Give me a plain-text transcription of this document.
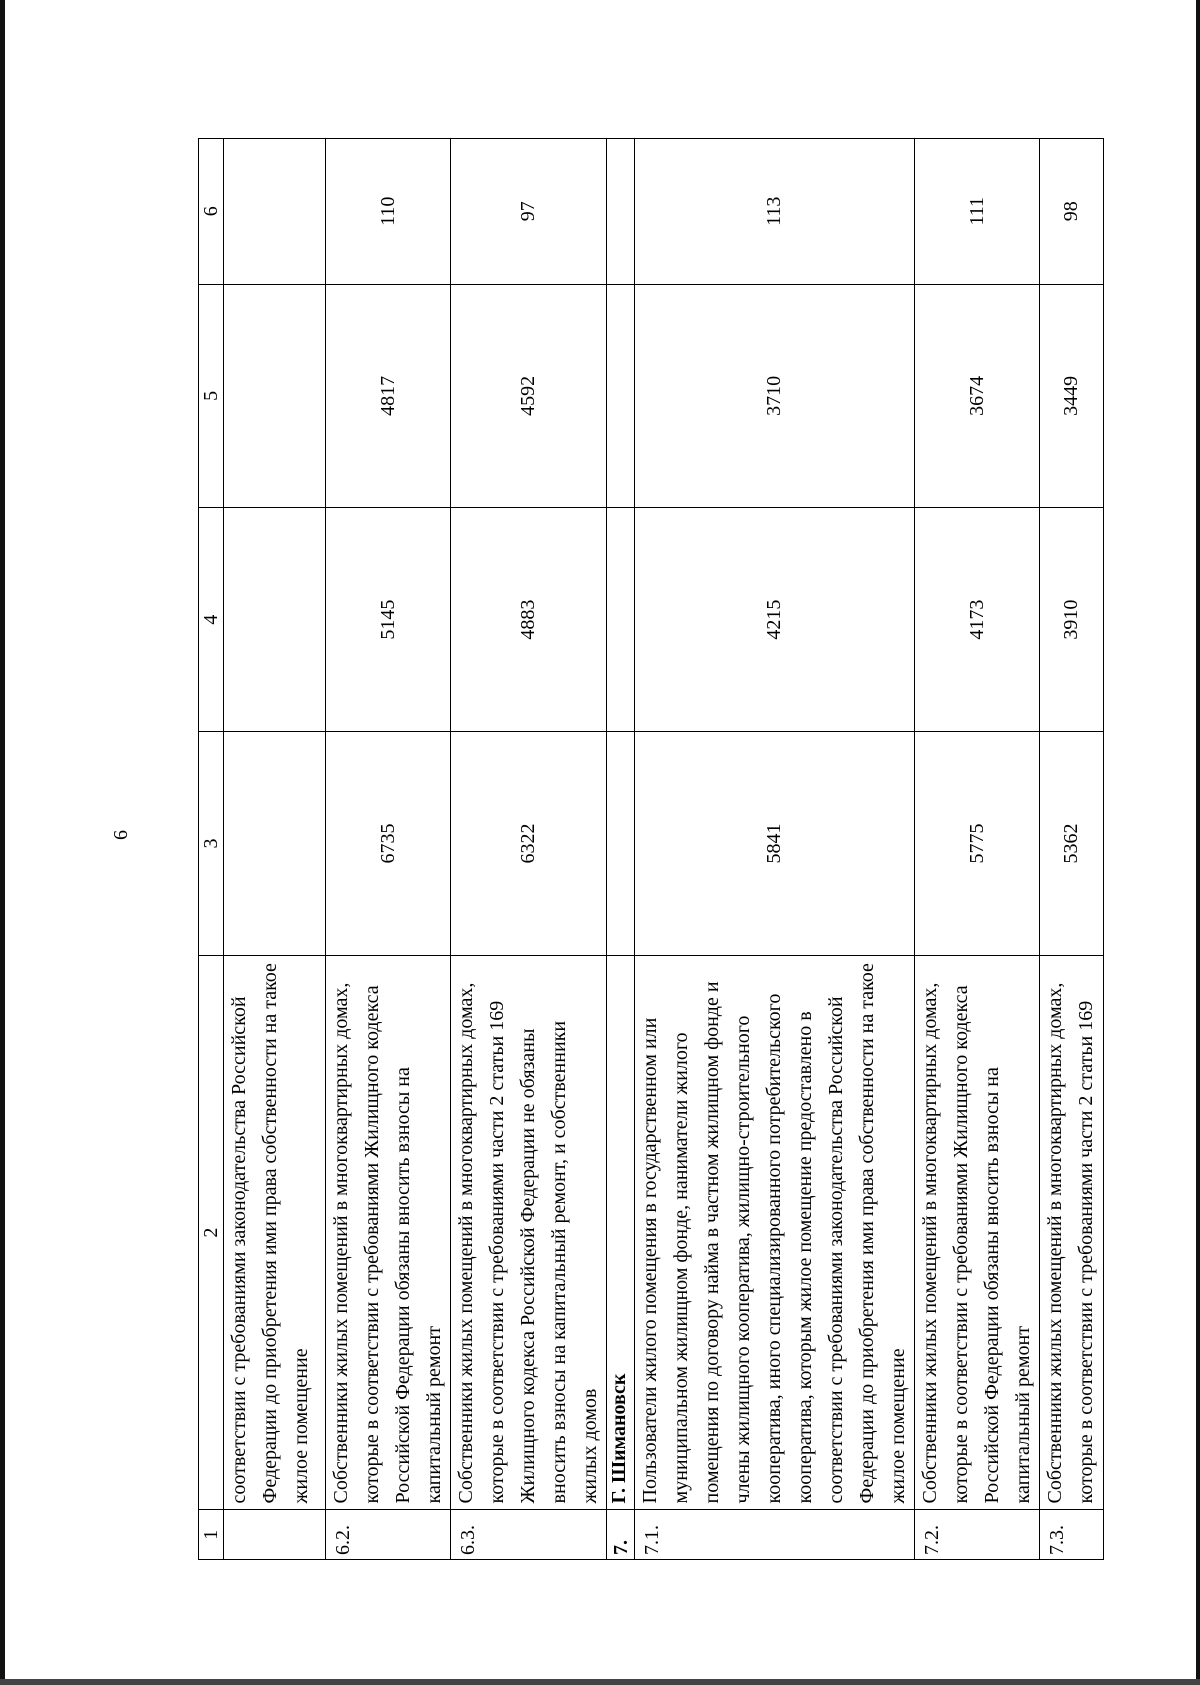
6
1	2	3	4	5	6
	соответствии с требованиями законодательства Российской Федерации до приобретения ими права собственности на такое жилое помещение				
6.2.	Собственники жилых помещений в многоквартирных домах, которые в соответствии с требованиями Жилищного кодекса Российской Федерации обязаны вносить взносы на капитальный ремонт	6735	5145	4817	110
6.3.	Собственники жилых помещений в многоквартирных домах, которые в соответствии с требованиями части 2 статьи 169 Жилищного кодекса Российской Федерации не обязаны вносить взносы на капитальный ремонт, и собственники жилых домов	6322	4883	4592	97
7.	Г. Шимановск				
7.1.	Пользователи жилого помещения в государственном или муниципальном жилищном фонде, наниматели жилого помещения по договору найма в частном жилищном фонде и члены жилищного кооператива, жилищно-строительного кооператива, иного специализированного потребительского кооператива, которым жилое помещение предоставлено в соответствии с требованиями законодательства Российской Федерации до приобретения ими права собственности на такое жилое помещение	5841	4215	3710	113
7.2.	Собственники жилых помещений в многоквартирных домах, которые в соответствии с требованиями Жилищного кодекса Российской Федерации обязаны вносить взносы на капитальный ремонт	5775	4173	3674	111
7.3.	Собственники жилых помещений в многоквартирных домах, которые в соответствии с требованиями части 2 статьи 169	5362	3910	3449	98
